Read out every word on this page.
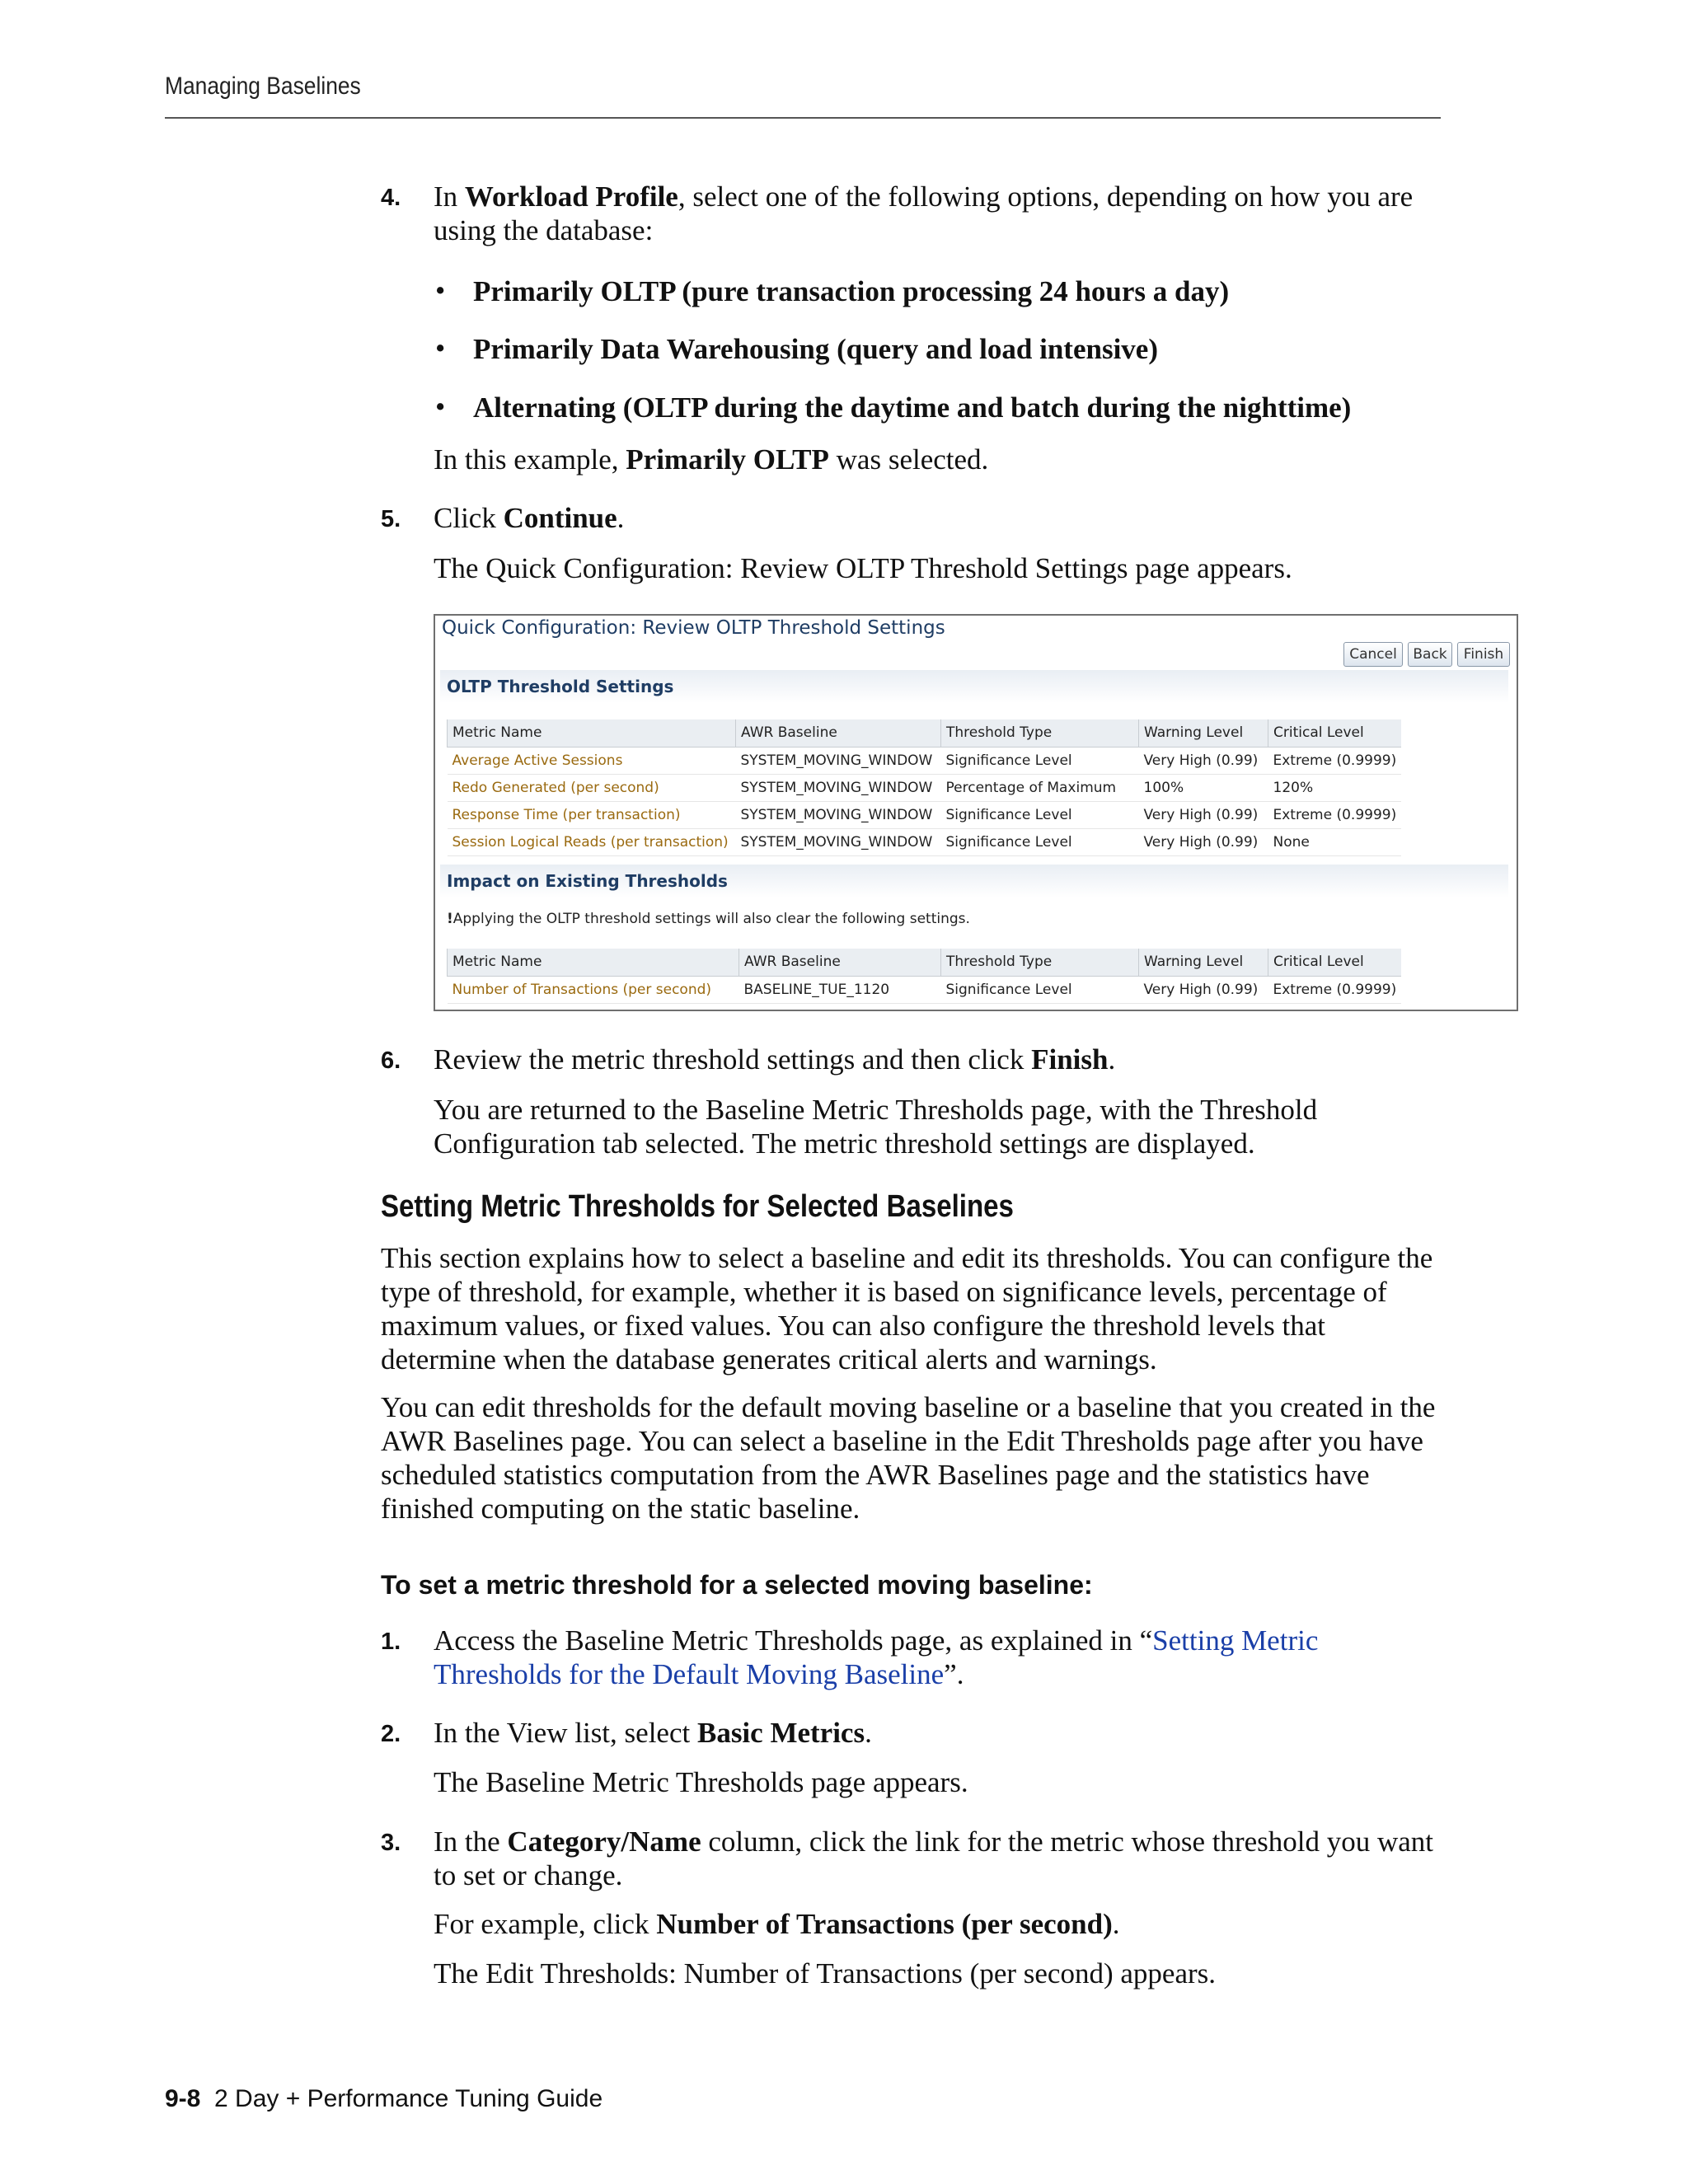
Managing Baselines
4. In Workload Profile, select one of the following options, depending on how you are using the database:
• Primarily OLTP (pure transaction processing 24 hours a day)
• Primarily Data Warehousing (query and load intensive)
• Alternating (OLTP during the daytime and batch during the nighttime)
In this example, Primarily OLTP was selected.
5. Click Continue.
The Quick Configuration: Review OLTP Threshold Settings page appears.
Quick Configuration: Review OLTP Threshold Settings
Cancel	Back	Finish
OLTP Threshold Settings
Metric Name	AWR Baseline	Threshold Type	Warning Level	Critical Level
Average Active Sessions	SYSTEM_MOVING_WINDOW	Significance Level	Very High (0.99)	Extreme (0.9999)
Redo Generated (per second)	SYSTEM_MOVING_WINDOW	Percentage of Maximum	100%	120%
Response Time (per transaction)	SYSTEM_MOVING_WINDOW	Significance Level	Very High (0.99)	Extreme (0.9999)
Session Logical Reads (per transaction)	SYSTEM_MOVING_WINDOW	Significance Level	Very High (0.99)	None
Impact on Existing Thresholds
!Applying the OLTP threshold settings will also clear the following settings.
Metric Name	AWR Baseline	Threshold Type	Warning Level	Critical Level
Number of Transactions (per second)	BASELINE_TUE_1120	Significance Level	Very High (0.99)	Extreme (0.9999)
6. Review the metric threshold settings and then click Finish.
You are returned to the Baseline Metric Thresholds page, with the Threshold Configuration tab selected. The metric threshold settings are displayed.
Setting Metric Thresholds for Selected Baselines
This section explains how to select a baseline and edit its thresholds. You can configure the type of threshold, for example, whether it is based on significance levels, percentage of maximum values, or fixed values. You can also configure the threshold levels that determine when the database generates critical alerts and warnings.
You can edit thresholds for the default moving baseline or a baseline that you created in the AWR Baselines page. You can select a baseline in the Edit Thresholds page after you have scheduled statistics computation from the AWR Baselines page and the statistics have finished computing on the static baseline.
To set a metric threshold for a selected moving baseline:
1. Access the Baseline Metric Thresholds page, as explained in “Setting Metric Thresholds for the Default Moving Baseline”.
2. In the View list, select Basic Metrics.
The Baseline Metric Thresholds page appears.
3. In the Category/Name column, click the link for the metric whose threshold you want to set or change.
For example, click Number of Transactions (per second).
The Edit Thresholds: Number of Transactions (per second) appears.
9-8 2 Day + Performance Tuning Guide
